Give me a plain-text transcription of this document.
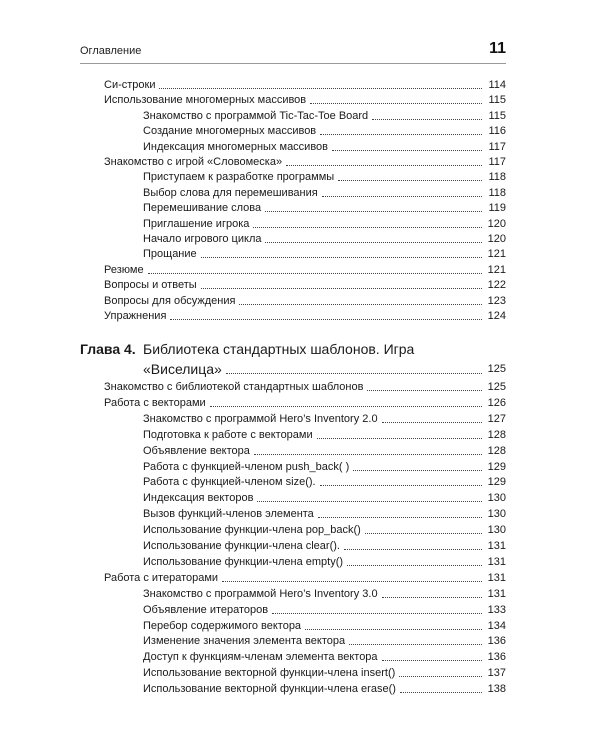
Оглавление	11
Си-строки	114
Использование многомерных массивов	115
Знакомство с программой Tic-Tac-Toe Board	115
Создание многомерных массивов	116
Индексация многомерных массивов	117
Знакомство с игрой «Словомеска»	117
Приступаем к разработке программы	118
Выбор слова для перемешивания	118
Перемешивание слова	119
Приглашение игрока	120
Начало игрового цикла	120
Прощание	121
Резюме	121
Вопросы и ответы	122
Вопросы для обсуждения	123
Упражнения	124
Глава 4. Библиотека стандартных шаблонов. Игра
«Виселица»	125
Знакомство с библиотекой стандартных шаблонов	125
Работа с векторами	126
Знакомство с программой Hero’s Inventory 2.0	127
Подготовка к работе с векторами	128
Объявление вектора	128
Работа с функцией-членом push_back( )	129
Работа с функцией-членом size().	129
Индексация векторов	130
Вызов функций-членов элемента	130
Использование функции-члена pop_back()	130
Использование функции-члена clear().	131
Использование функции-члена empty()	131
Работа с итераторами	131
Знакомство с программой Hero’s Inventory 3.0	131
Объявление итераторов	133
Перебор содержимого вектора	134
Изменение значения элемента вектора	136
Доступ к функциям-членам элемента вектора	136
Использование векторной функции-члена insert()	137
Использование векторной функции-члена erase()	138
